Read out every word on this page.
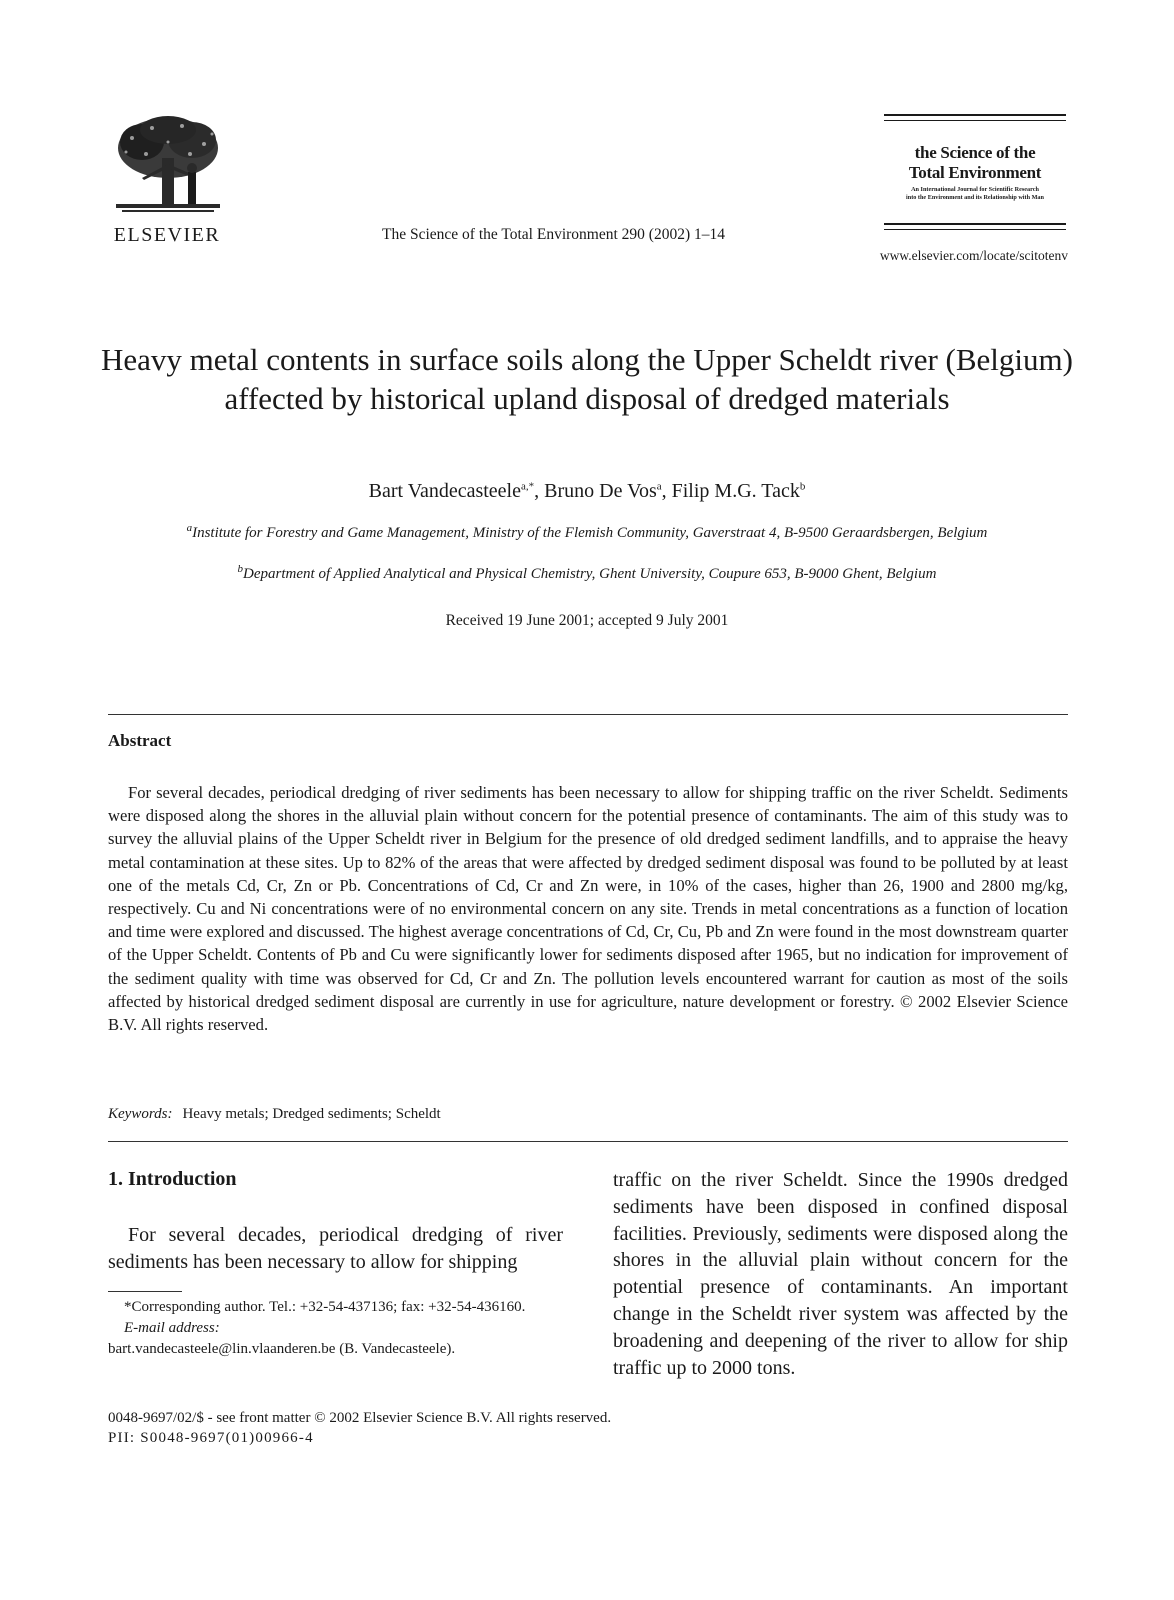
ELSEVIER	The Science of the Total Environment 290 (2002) 1–14
the Science of the
Total Environment
An International Journal for Scientific Research
into the Environment and its Relationship with Man
www.elsevier.com/locate/scitotenv
Heavy metal contents in surface soils along the Upper Scheldt river (Belgium) affected by historical upland disposal of dredged materials
Bart Vandecasteele$^{a,*}$, Bruno De Vos$^a$, Filip M.G. Tack$^b$
$^a$Institute for Forestry and Game Management, Ministry of the Flemish Community, Gaverstraat 4, B-9500 Geraardsbergen, Belgium
$^b$Department of Applied Analytical and Physical Chemistry, Ghent University, Coupure 653, B-9000 Ghent, Belgium
Received 19 June 2001; accepted 9 July 2001
Abstract
For several decades, periodical dredging of river sediments has been necessary to allow for shipping traffic on the river Scheldt. Sediments were disposed along the shores in the alluvial plain without concern for the potential presence of contaminants. The aim of this study was to survey the alluvial plains of the Upper Scheldt river in Belgium for the presence of old dredged sediment landfills, and to appraise the heavy metal contamination at these sites. Up to 82% of the areas that were affected by dredged sediment disposal was found to be polluted by at least one of the metals Cd, Cr, Zn or Pb. Concentrations of Cd, Cr and Zn were, in 10% of the cases, higher than 26, 1900 and 2800 mg/kg, respectively. Cu and Ni concentrations were of no environmental concern on any site. Trends in metal concentrations as a function of location and time were explored and discussed. The highest average concentrations of Cd, Cr, Cu, Pb and Zn were found in the most downstream quarter of the Upper Scheldt. Contents of Pb and Cu were significantly lower for sediments disposed after 1965, but no indication for improvement of the sediment quality with time was observed for Cd, Cr and Zn. The pollution levels encountered warrant for caution as most of the soils affected by historical dredged sediment disposal are currently in use for agriculture, nature development or forestry. © 2002 Elsevier Science B.V. All rights reserved.
Keywords: Heavy metals; Dredged sediments; Scheldt
1. Introduction
For several decades, periodical dredging of river sediments has been necessary to allow for shipping
traffic on the river Scheldt. Since the 1990s dredged sediments have been disposed in confined disposal facilities. Previously, sediments were disposed along the shores in the alluvial plain without concern for the potential presence of contaminants. An important change in the Scheldt river system was affected by the broadening and deepening of the river to allow for ship traffic up to 2000 tons.
*Corresponding author. Tel.: +32-54-437136; fax: +32-54-436160.
E-mail address:
bart.vandecasteele@lin.vlaanderen.be (B. Vandecasteele).
0048-9697/02/$ - see front matter © 2002 Elsevier Science B.V. All rights reserved.
PII: S0048-9697(01)00966-4
